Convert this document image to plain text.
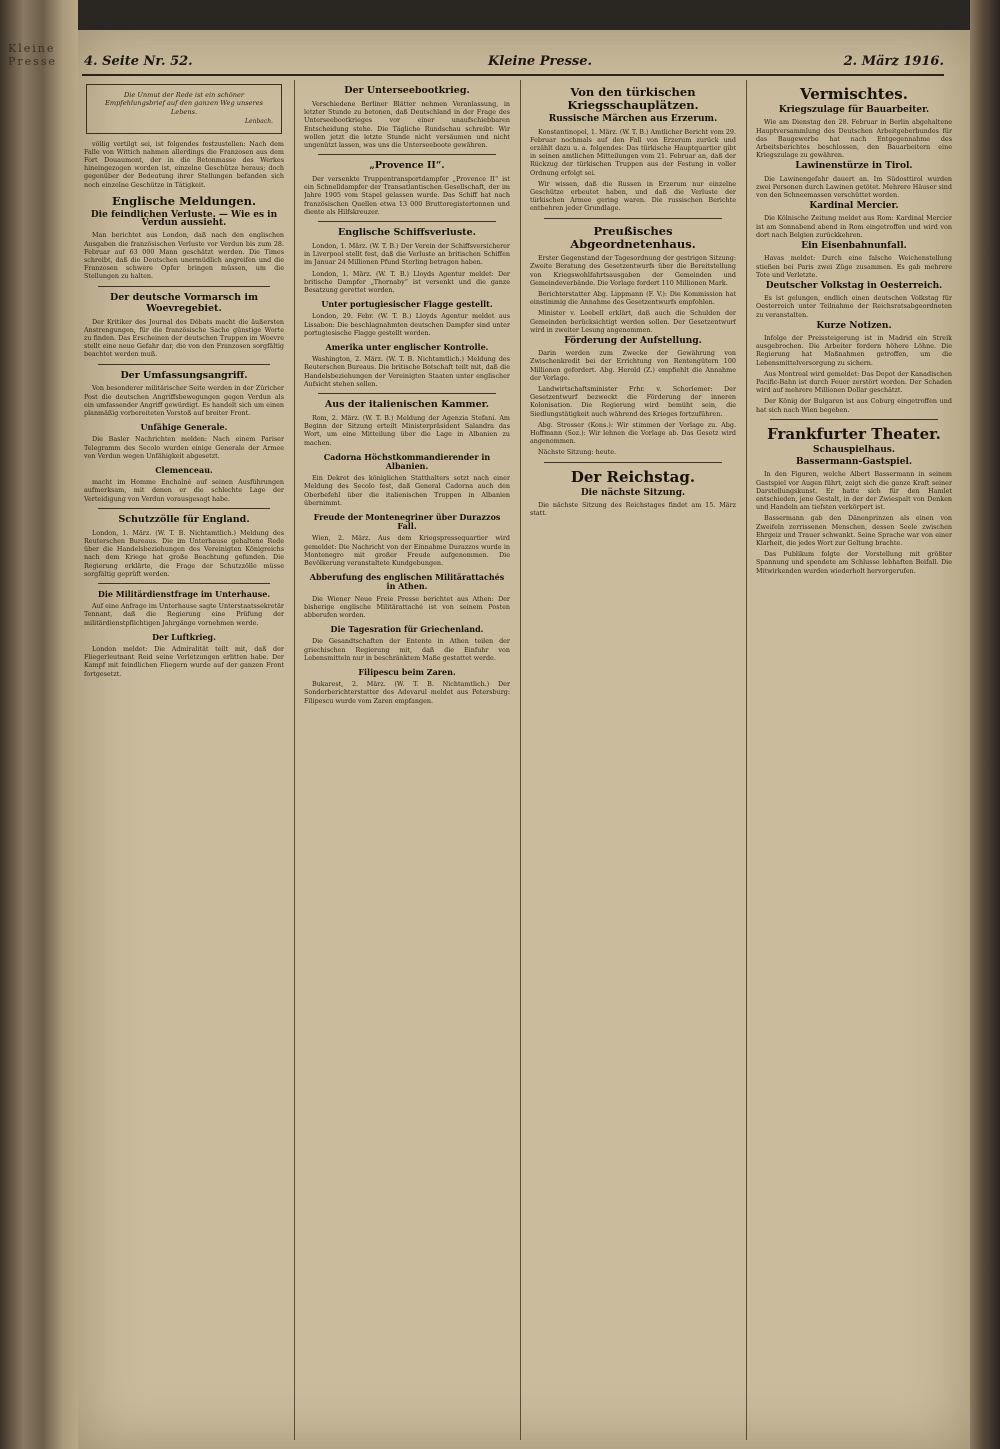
Kleine Presse	4. Seite Nr. 52.	Kleine Presse.	2. März 1916.
Die Unmut der Rede ist ein schöner Empfehlungsbrief auf den ganzen Weg unseres Lebens.
Lenbach.

völlig vertilgt sei, ist folgendes festzustellen: Nach dem Falle von Wittich nahmen allerdings die Franzosen aus dem Fort Douaumont, der in die Betonmasse des Werkes hineingezogen worden ist, einzelne Geschütze heraus; doch gegenüber der Bedeutung ihrer Stellungen befanden sich noch einzelne Geschütze in Tätigkeit.

Englische Meldungen.
Die feindlichen Verluste. — Wie es in Verdun aussieht.

Man berichtet aus London, daß nach den englischen Ausgaben die französischen Verluste vor Verdun bis zum 28. Februar auf 63 000 Mann geschätzt werden. Die Times schreibt, daß die Deutschen unermüdlich angreifen und die Franzosen schwere Opfer bringen müssen, um die Stellungen zu halten.

Der deutsche Vormarsch im Woevregebiet.

Der Kritiker des Journal des Débats macht die äußersten Anstrengungen, für die französische Sache günstige Worte zu finden. Das Erscheinen der deutschen Truppen im Woevre stellt eine neue Gefahr dar, die von den Franzosen sorgfältig beachtet werden muß.

Der Umfassungsangriff.

Von besonderer militärischer Seite werden in der Züricher Post die deutschen Angriffsbewegungen gegen Verdun als ein umfassender Angriff gewürdigt. Es handelt sich um einen planmäßig vorbereiteten Vorstoß auf breiter Front.

Unfähige Generale.

Die Basler Nachrichten melden: Nach einem Pariser Telegramm des Secolo wurden einige Generale der Armee von Verdun wegen Unfähigkeit abgesetzt.

Clemenceau.

macht im Homme Enchaîné auf seinen Ausführungen aufmerksam, mit denen er die schlechte Lage der Verteidigung von Verdun vorausgesagt habe.

Schutzzölle für England.

London, 1. März. (W. T. B. Nichtamtlich.) Meldung des Reuterschen Bureaus. Die im Unterhause gehaltene Rede über die Handelsbeziehungen des Vereinigten Königreichs nach dem Kriege hat große Beachtung gefunden. Die Regierung erklärte, die Frage der Schutzzölle müsse sorgfältig geprüft werden.

Die Militärdienstfrage im Unterhause.

Auf eine Anfrage im Unterhause sagte Unterstaatssekretär Tennant, daß die Regierung eine Prüfung der militärdienstpflichtigen Jahrgänge vornehmen werde.

Der Luftkrieg.

London meldet: Die Admiralität teilt mit, daß der Fliegerleutnant Reid seine Verletzungen erlitten habe. Der Kampf mit feindlichen Fliegern wurde auf der ganzen Front fortgesetzt.

Der Unterseebootkrieg.

Verschiedene Berliner Blätter nehmen Veranlassung, in letzter Stunde zu betonen, daß Deutschland in der Frage des Unterseebootkrieges vor einer unaufschiebbaren Entscheidung stehe. Die Tägliche Rundschau schreibt: Wir wollen jetzt die letzte Stunde nicht versäumen und nicht ungenützt lassen, was uns die Unterseeboote gewähren.

„Provence II“.

Der versenkte Truppentransportdampfer „Provence II“ ist ein Schnelldampfer der Transatlantischen Gesellschaft, der im Jahre 1905 vom Stapel gelassen wurde. Das Schiff hat nach französischen Quellen etwa 13 000 Bruttoregistertonnen und diente als Hilfskreuzer.

Englische Schiffsverluste.

London, 1. März. (W. T. B.) Der Verein der Schiffsversicherer in Liverpool stellt fest, daß die Verluste an britischen Schiffen im Januar 24 Millionen Pfund Sterling betragen haben.

London, 1. März. (W. T. B.) Lloyds Agentur meldet: Der britische Dampfer „Thornaby“ ist versenkt und die ganze Besatzung gerettet worden.

Unter portugiesischer Flagge gestellt.

London, 29. Febr. (W. T. B.) Lloyds Agentur meldet aus Lissabon: Die beschlagnahmten deutschen Dampfer sind unter portugiesische Flagge gestellt worden.

Amerika unter englischer Kontrolle.

Washington, 2. März. (W. T. B. Nichtamtlich.) Meldung des Reuterschen Bureaus. Die britische Botschaft teilt mit, daß die Handelsbeziehungen der Vereinigten Staaten unter englischer Aufsicht stehen sollen.

Aus der italienischen Kammer.

Rom, 2. März. (W. T. B.) Meldung der Agenzia Stefani. Am Beginn der Sitzung erteilt Ministerpräsident Salandra das Wort, um eine Mitteilung über die Lage in Albanien zu machen.

Cadorna Höchstkommandierender in Albanien.

Ein Dekret des königlichen Statthalters setzt nach einer Meldung des Secolo fest, daß General Cadorna auch den Oberbefehl über die italienischen Truppen in Albanien übernimmt.

Freude der Montenegriner über Durazzos Fall.

Wien, 2. März. Aus dem Kriegspressequartier wird gemeldet: Die Nachricht von der Einnahme Durazzos wurde in Montenegro mit großer Freude aufgenommen. Die Bevölkerung veranstaltete Kundgebungen.

Abberufung des englischen Militärattachés in Athen.

Die Wiener Neue Freie Presse berichtet aus Athen: Der bisherige englische Militärattaché ist von seinem Posten abberufen worden.

Die Tagesration für Griechenland.

Die Gesandtschaften der Entente in Athen teilen der griechischen Regierung mit, daß die Einfuhr von Lebensmitteln nur in beschränktem Maße gestattet werde.

Filipescu beim Zaren.

Bukarest, 2. März. (W. T. B. Nichtamtlich.) Der Sonderberichterstatter des Adevarul meldet aus Petersburg: Filipescu wurde vom Zaren empfangen.

Von den türkischen Kriegsschauplätzen.
Russische Märchen aus Erzerum.

Konstantinopel, 1. März. (W. T. B.) Amtlicher Bericht vom 29. Februar nochmals auf den Fall von Erzerum zurück und erzählt dazu u. a. folgendes: Das türkische Hauptquartier gibt in seinen amtlichen Mitteilungen vom 21. Februar an, daß der Rückzug der türkischen Truppen aus der Festung in voller Ordnung erfolgt sei.

Wir wissen, daß die Russen in Erzerum nur einzelne Geschütze erbeutet haben, und daß die Verluste der türkischen Armee gering waren. Die russischen Berichte entbehren jeder Grundlage.

Preußisches Abgeordnetenhaus.

Erster Gegenstand der Tagesordnung der gestrigen Sitzung: Zweite Beratung des Gesetzentwurfs über die Bereitstellung von Kriegswohlfahrtsausgaben der Gemeinden und Gemeindeverbände. Die Vorlage fordert 110 Millionen Mark.

Berichterstatter Abg. Lippmann (F. V.): Die Kommission hat einstimmig die Annahme des Gesetzentwurfs empfohlen.

Minister v. Loebell erklärt, daß auch die Schulden der Gemeinden berücksichtigt werden sollen. Der Gesetzentwurf wird in zweiter Lesung angenommen.

Förderung der Aufstellung.

Darin werden zum Zwecke der Gewährung von Zwischenkredit bei der Errichtung von Rentengütern 100 Millionen gefordert. Abg. Herold (Z.) empfiehlt die Annahme der Vorlage.

Landwirtschaftsminister Frhr. v. Schorlemer: Der Gesetzentwurf bezweckt die Förderung der inneren Kolonisation. Die Regierung wird bemüht sein, die Siedlungstätigkeit auch während des Krieges fortzuführen.

Abg. Strosser (Kons.): Wir stimmen der Vorlage zu. Abg. Hoffmann (Soz.): Wir lehnen die Vorlage ab. Das Gesetz wird angenommen.

Nächste Sitzung: heute.

Der Reichstag.
Die nächste Sitzung.

Die nächste Sitzung des Reichstages findet am 15. März statt.

Vermischtes.
Kriegszulage für Bauarbeiter.

Wie am Dienstag den 28. Februar in Berlin abgehaltene Hauptversammlung des Deutschen Arbeitgeberbundes für das Baugewerbe hat nach Entgegennahme des Arbeitsberichtes beschlossen, den Bauarbeitern eine Kriegszulage zu gewähren.

Lawinenstürze in Tirol.

Die Lawinengefahr dauert an. Im Südosttirol wurden zwei Personen durch Lawinen getötet. Mehrere Häuser sind von den Schneemassen verschüttet worden.

Kardinal Mercier.

Die Kölnische Zeitung meldet aus Rom: Kardinal Mercier ist am Sonnabend abend in Rom eingetroffen und wird von dort nach Belgien zurückkehren.

Ein Eisenbahnunfall.

Havas meldet: Durch eine falsche Weichenstellung stießen bei Paris zwei Züge zusammen. Es gab mehrere Tote und Verletzte.

Deutscher Volkstag in Oesterreich.

Es ist gelungen, endlich einen deutschen Volkstag für Oesterreich unter Teilnahme der Reichsratsabgeordneten zu veranstalten.

Kurze Notizen.

Infolge der Preissteigerung ist in Madrid ein Streik ausgebrochen. Die Arbeiter fordern höhere Löhne. Die Regierung hat Maßnahmen getroffen, um die Lebensmittelversorgung zu sichern.

Aus Montreal wird gemeldet: Das Depot der Kanadischen Pacific-Bahn ist durch Feuer zerstört worden. Der Schaden wird auf mehrere Millionen Dollar geschätzt.

Der König der Bulgaren ist aus Coburg eingetroffen und hat sich nach Wien begeben.

Frankfurter Theater.
Schauspielhaus.
Bassermann-Gastspiel.

In den Figuren, welche Albert Bassermann in seinem Gastspiel vor Augen führt, zeigt sich die ganze Kraft seiner Darstellungskunst. Er hatte sich für den Hamlet entschieden, jene Gestalt, in der der Zwiespalt von Denken und Handeln am tiefsten verkörpert ist.

Bassermann gab den Dänenprinzen als einen von Zweifeln zerrissenen Menschen, dessen Seele zwischen Ehrgeiz und Trauer schwankt. Seine Sprache war von einer Klarheit, die jedes Wort zur Geltung brachte.

Das Publikum folgte der Vorstellung mit größter Spannung und spendete am Schlusse lebhaften Beifall. Die Mitwirkenden wurden wiederholt hervorgerufen.
